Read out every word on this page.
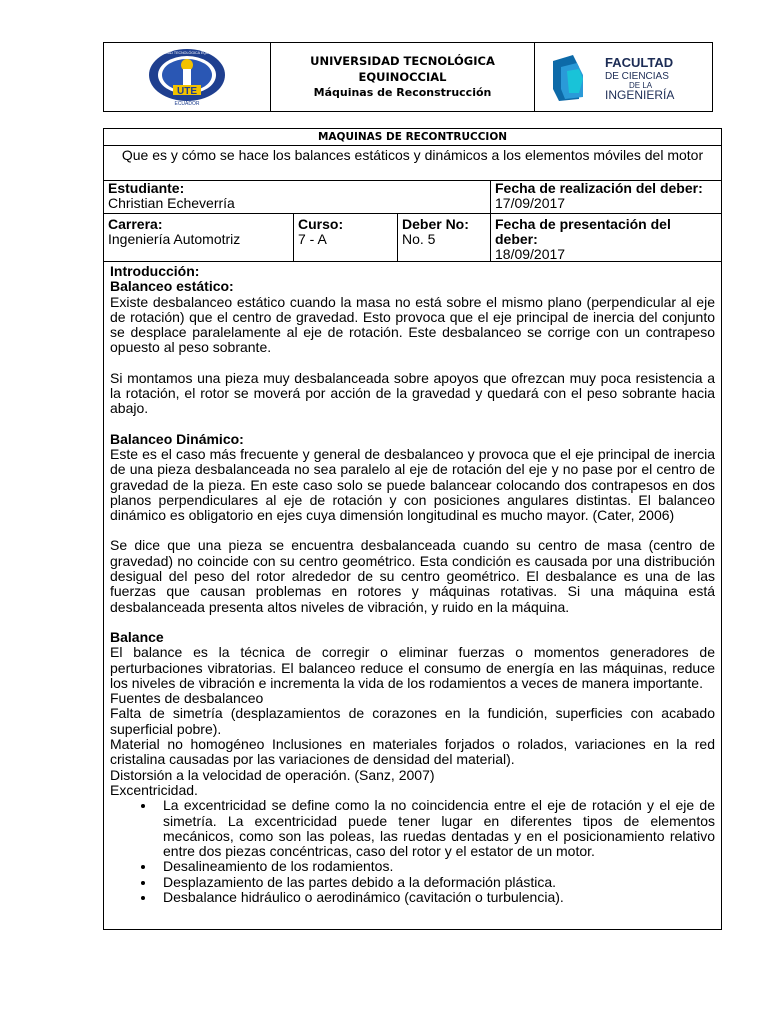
UTE
ECUADOR
UNIVERSIDAD TECNOLÓGICA EQUINOCCIAL
UNIVERSIDAD TECNOLÓGICA EQUINOCCIAL
Máquinas de Reconstrucción
FACULTAD
DE CIENCIAS
DE LA
INGENIERÍA
MAQUINAS DE RECONTRUCCION
Que es y cómo se hace los balances estáticos y dinámicos a los elementos móviles del motor
Estudiante:
Christian Echeverría
Fecha de realización del deber:
17/09/2017
Carrera:
Ingeniería Automotriz
Curso:
7 - A
Deber No:
No. 5
Fecha de presentación del deber:
18/09/2017

Introducción:

Balanceo estático:

Existe desbalanceo estático cuando la masa no está sobre el mismo plano (perpendicular al eje de rotación) que el centro de gravedad. Esto provoca que el eje principal de inercia del conjunto se desplace paralelamente al eje de rotación. Este desbalanceo se corrige con un contrapeso opuesto al peso sobrante.

Si montamos una pieza muy desbalanceada sobre apoyos que ofrezcan muy poca resistencia a la rotación, el rotor se moverá por acción de la gravedad y quedará con el peso sobrante hacia abajo.

Balanceo Dinámico:

Este es el caso más frecuente y general de desbalanceo y provoca que el eje principal de inercia de una pieza desbalanceada no sea paralelo al eje de rotación del eje y no pase por el centro de gravedad de la pieza. En este caso solo se puede balancear colocando dos contrapesos en dos planos perpendiculares al eje de rotación y con posiciones angulares distintas. El balanceo dinámico es obligatorio en ejes cuya dimensión longitudinal es mucho mayor. (Cater, 2006)

Se dice que una pieza se encuentra desbalanceada cuando su centro de masa (centro de gravedad) no coincide con su centro geométrico. Esta condición es causada por una distribución desigual del peso del rotor alrededor de su centro geométrico. El desbalance es una de las fuerzas que causan problemas en rotores y máquinas rotativas. Si una máquina está desbalanceada presenta altos niveles de vibración, y ruido en la máquina.

Balance

El balance es la técnica de corregir o eliminar fuerzas o momentos generadores de perturbaciones vibratorias. El balanceo reduce el consumo de energía en las máquinas, reduce los niveles de vibración e incrementa la vida de los rodamientos a veces de manera importante.

Fuentes de desbalanceo

Falta de simetría (desplazamientos de corazones en la fundición, superficies con acabado superficial pobre).

Material no homogéneo Inclusiones en materiales forjados o rolados, variaciones en la red cristalina causadas por las variaciones de densidad del material).

Distorsión a la velocidad de operación. (Sanz, 2007)

Excentricidad.

• La excentricidad se define como la no coincidencia entre el eje de rotación y el eje de simetría. La excentricidad puede tener lugar en diferentes tipos de elementos mecánicos, como son las poleas, las ruedas dentadas y en el posicionamiento relativo entre dos piezas concéntricas, caso del rotor y el estator de un motor.
• Desalineamiento de los rodamientos.
• Desplazamiento de las partes debido a la deformación plástica.
• Desbalance hidráulico o aerodinámico (cavitación o turbulencia).
